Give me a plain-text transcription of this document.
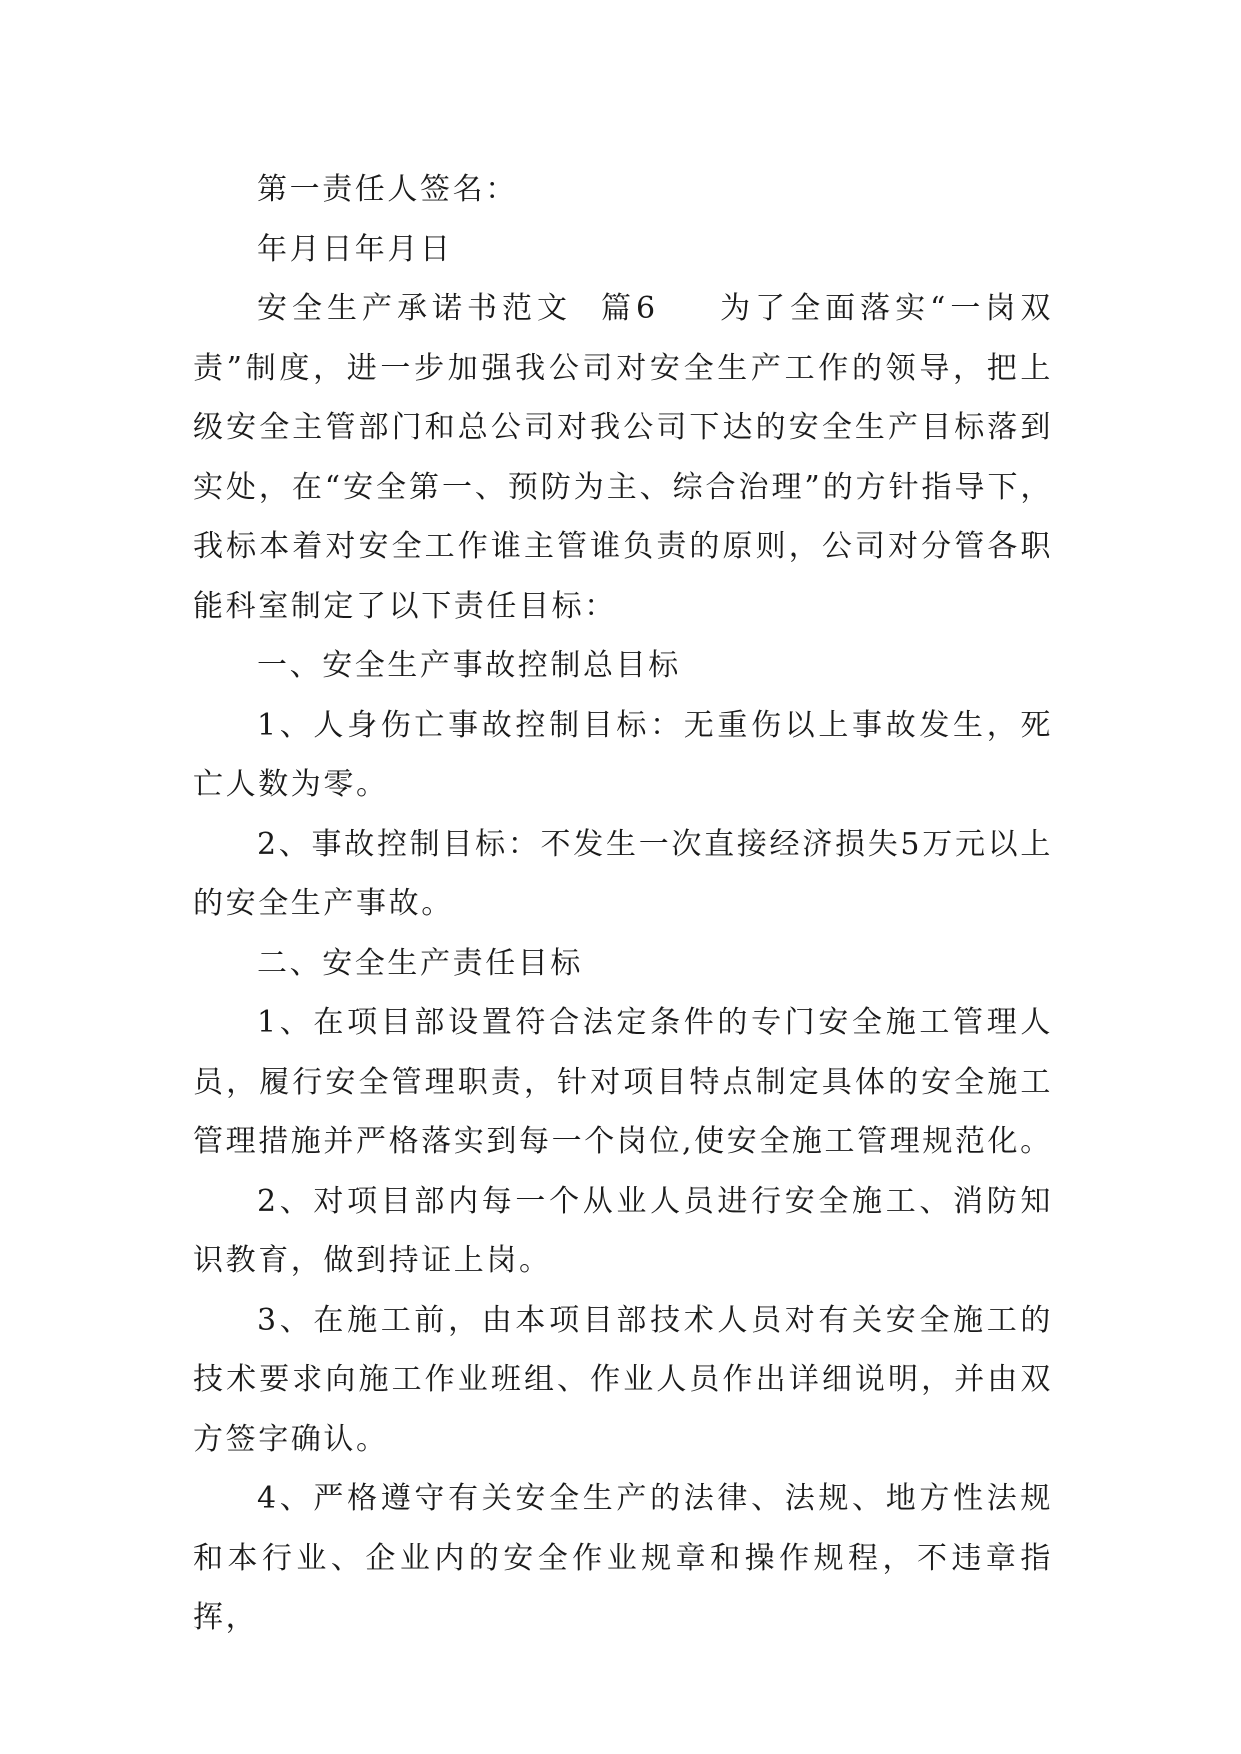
第一责任人签名：

年月日年月日

安全生产承诺书范文 篇6 为了全面落实“一岗双责”制度，进一步加强我公司对安全生产工作的领导，把上级安全主管部门和总公司对我公司下达的安全生产目标落到实处，在“安全第一、预防为主、综合治理”的方针指导下，我标本着对安全工作谁主管谁负责的原则，公司对分管各职能科室制定了以下责任目标：

一、安全生产事故控制总目标

1、人身伤亡事故控制目标：无重伤以上事故发生，死亡人数为零。

2、事故控制目标：不发生一次直接经济损失5万元以上的安全生产事故。

二、安全生产责任目标

1、在项目部设置符合法定条件的专门安全施工管理人员，履行安全管理职责，针对项目特点制定具体的安全施工管理措施并严格落实到每一个岗位,使安全施工管理规范化。

2、对项目部内每一个从业人员进行安全施工、消防知识教育，做到持证上岗。

3、在施工前，由本项目部技术人员对有关安全施工的技术要求向施工作业班组、作业人员作出详细说明，并由双方签字确认。

4、严格遵守有关安全生产的法律、法规、地方性法规和本行业、企业内的安全作业规章和操作规程，不违章指挥，
